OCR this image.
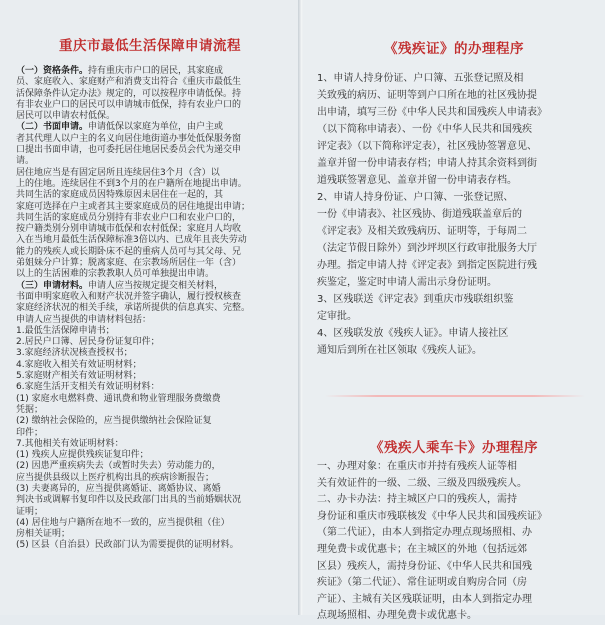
重庆市最低生活保障申请流程

（一）资格条件。持有重庆市户口的居民，其家庭成

员、家庭收入、家庭财产和消费支出符合《重庆市最低生

活保障条件认定办法》规定的，可以按程序申请低保。持

有非农业户口的居民可以申请城市低保，持有农业户口的

居民可以申请农村低保。

（二）书面申请。申请低保以家庭为单位，由户主或

者其代理人以户主的名义向居住地街道办事处低保服务窗

口提出书面申请，也可委托居住地居民委员会代为递交申

请。

居住地应当是有固定居所且连续居住3个月（含）以

上的住地。连续居住不到3个月的在户籍所在地提出申请。

共同生活的家庭成员因特殊原因未居住在一起的，其

家庭可选择在户主或者其主要家庭成员的居住地提出申请；

共同生活的家庭成员分别持有非农业户口和农业户口的，

按户籍类别分别申请城市低保和农村低保；家庭月人均收

入在当地月最低生活保障标准3倍以内、已成年且丧失劳动

能力的残疾人或长期卧床不起的重病人员可与其父母、兄

弟姐妹分户计算；脱离家庭、在宗教场所居住一年（含）

以上的生活困难的宗教教职人员可单独提出申请。

（三）申请材料。申请人应当按规定提交相关材料，

书面申明家庭收入和财产状况并签字确认，履行授权核查

家庭经济状况的相关手续，承诺所提供的信息真实、完整。

申请人应当提供的申请材料包括：

1.最低生活保障申请书；

2.居民户口簿、居民身份证复印件；

3.家庭经济状况核查授权书；

4.家庭收入相关有效证明材料；

5.家庭财产相关有效证明材料；

6.家庭生活开支相关有效证明材料：

(1) 家庭水电燃料费、通讯费和物业管理服务费缴费

凭据；

(2) 缴纳社会保险的，应当提供缴纳社会保险证复

印件；

7.其他相关有效证明材料：

(1) 残疾人应提供残疾证复印件；

(2) 因患严重疾病失去（或暂时失去）劳动能力的，

应当提供县级以上医疗机构出具的疾病诊断报告；

(3) 夫妻离异的，应当提供离婚证、离婚协议、离婚

判决书或调解书复印件以及民政部门出具的当前婚姻状况

证明；

(4) 居住地与户籍所在地不一致的，应当提供租（住）

房相关证明；

(5) 区县（自治县）民政部门认为需要提供的证明材料。

《残疾证》的办理程序

1、申请人持身份证、户口簿、五张登记照及相

关致残的病历、证明等到户口所在地的社区残协提

出申请，填写三份《中华人民共和国残疾人申请表》

（以下简称申请表）、一份《中华人民共和国残疾

评定表》（以下简称评定表），社区残协签署意见、

盖章并留一份申请表存档；申请人持其余资料到街

道残联签署意见、盖章并留一份申请表存档。

2、申请人持身份证、户口簿、一张登记照、

一份《申请表》、社区残协、街道残联盖章后的

《评定表》及相关致残病历、证明等，于每周二

（法定节假日除外）到沙坪坝区行政审批服务大厅

办理。指定申请人持《评定表》到指定医院进行残

疾鉴定，鉴定时申请人需出示身份证明。

3、区残联送《评定表》到重庆市残联组织鉴

定审批。

4、区残联发放《残疾人证》。申请人接社区

通知后到所在社区领取《残疾人证》。

《残疾人乘车卡》办理程序

一、办理对象：在重庆市并持有残疾人证等相

关有效证件的一级、二级、三级及四级残疾人。

二、办卡办法：持主城区户口的残疾人，需持

身份证和重庆市残联核发《中华人民共和国残疾证》

（第二代证），由本人到指定办理点现场照相、办

理免费卡或优惠卡；在主城区的外地（包括远郊

区县）残疾人，需持身份证、《中华人民共和国残

疾证》（第二代证）、常住证明或自购房合同（房

产证）、主城有关区残联证明，由本人到指定办理

点现场照相、办理免费卡或优惠卡。
